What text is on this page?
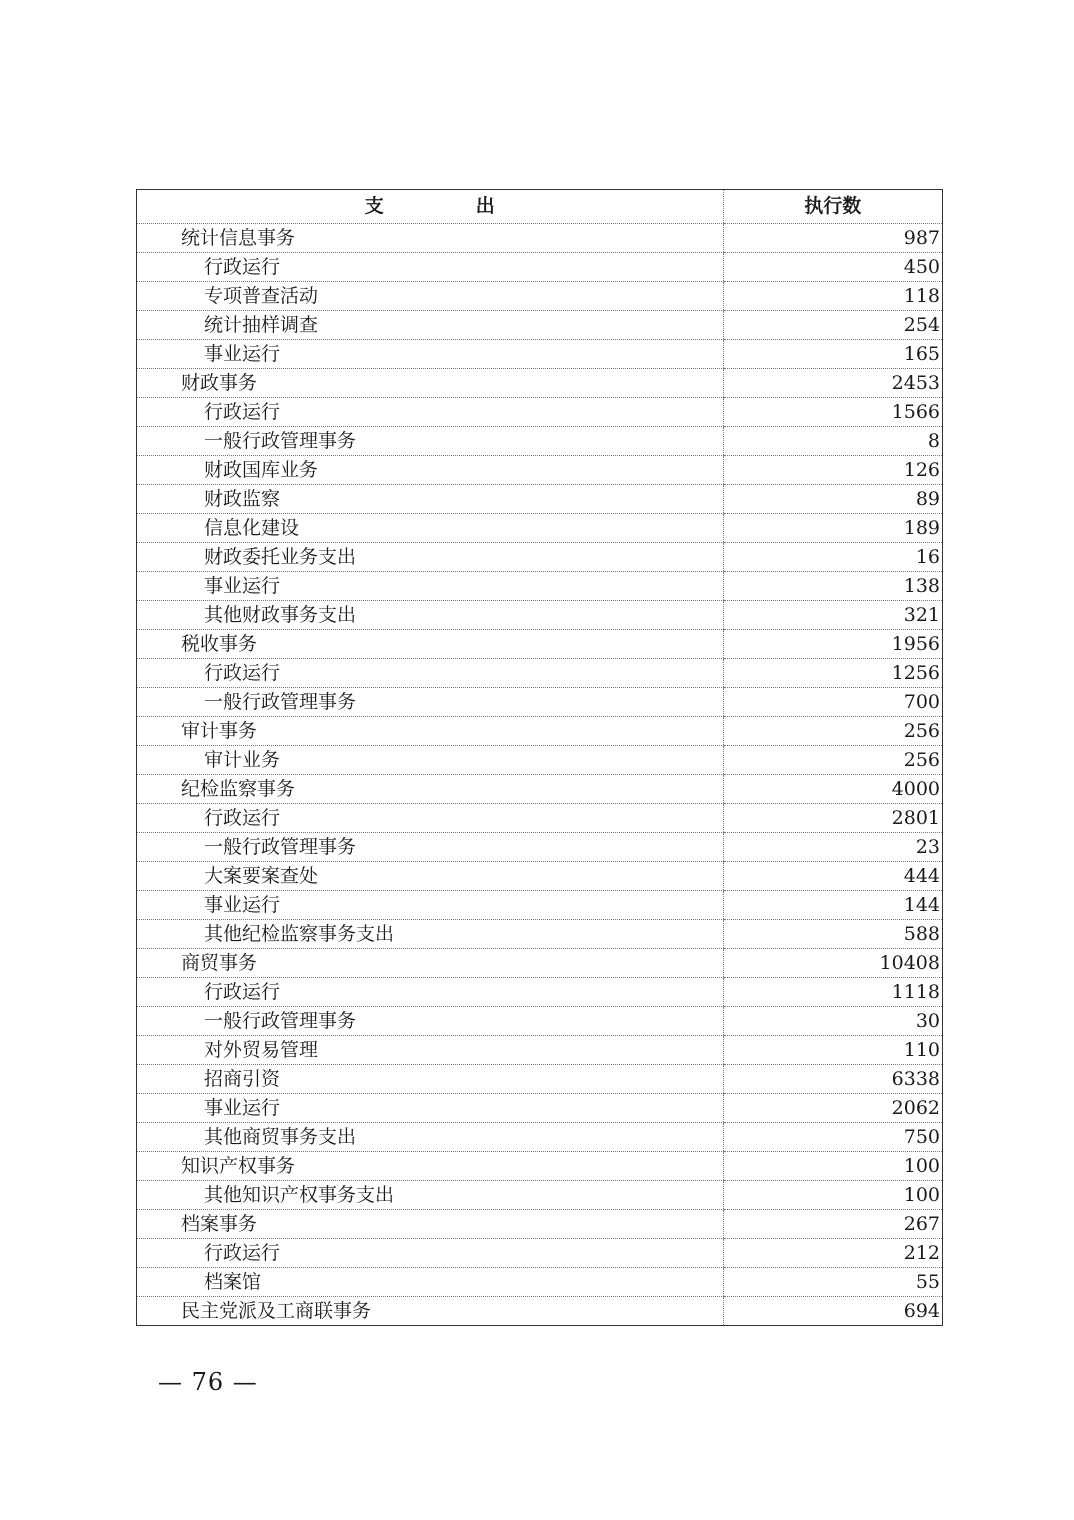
支出	执行数
统计信息事务	987
行政运行	450
专项普查活动	118
统计抽样调查	254
事业运行	165
财政事务	2453
行政运行	1566
一般行政管理事务	8
财政国库业务	126
财政监察	89
信息化建设	189
财政委托业务支出	16
事业运行	138
其他财政事务支出	321
税收事务	1956
行政运行	1256
一般行政管理事务	700
审计事务	256
审计业务	256
纪检监察事务	4000
行政运行	2801
一般行政管理事务	23
大案要案查处	444
事业运行	144
其他纪检监察事务支出	588
商贸事务	10408
行政运行	1118
一般行政管理事务	30
对外贸易管理	110
招商引资	6338
事业运行	2062
其他商贸事务支出	750
知识产权事务	100
其他知识产权事务支出	100
档案事务	267
行政运行	212
档案馆	55
民主党派及工商联事务	694
— 76 —
